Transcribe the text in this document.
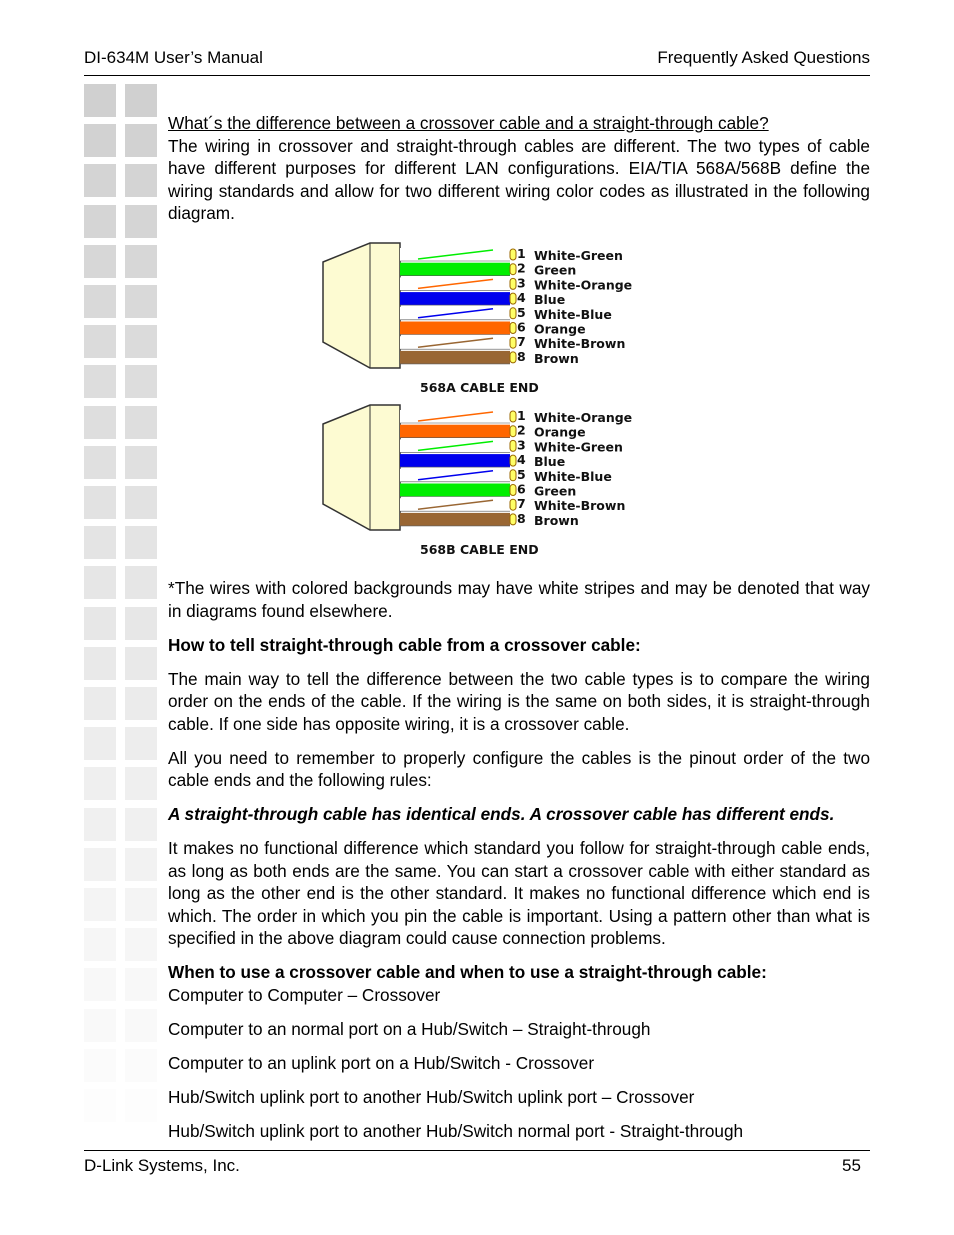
DI-634M User’s Manual	Frequently Asked Questions

What´s the difference between a crossover cable and a straight-through cable?
The wiring in crossover and straight-through cables are different. The two types of cable have different purposes for different LAN configurations. EIA/TIA 568A/568B define the wiring standards and allow for two different wiring color codes as illustrated in the following diagram.

*The wires with colored backgrounds may have white stripes and may be denoted that way in diagrams found elsewhere.

How to tell straight-through cable from a crossover cable:

The main way to tell the difference between the two cable types is to compare the wiring order on the ends of the cable. If the wiring is the same on both sides, it is straight-through cable. If one side has opposite wiring, it is a crossover cable.

All you need to remember to properly configure the cables is the pinout order of the two cable ends and the following rules:

A straight-through cable has identical ends. A crossover cable has different ends.

It makes no functional difference which standard you follow for straight-through cable ends, as long as both ends are the same. You can start a crossover cable with either standard as long as the other end is the other standard. It makes no functional difference which end is which. The order in which you pin the cable is important. Using a pattern other than what is specified in the above diagram could cause connection problems.

When to use a crossover cable and when to use a straight-through cable:
Computer to Computer – Crossover

Computer to an normal port on a Hub/Switch – Straight-through

Computer to an uplink port on a Hub/Switch - Crossover

Hub/Switch uplink port to another Hub/Switch uplink port – Crossover

Hub/Switch uplink port to another Hub/Switch normal port - Straight-through

1 White-Green
2 Green
3 White-Orange
4 Blue
5 White-Blue
6 Orange
7 White-Brown
8 Brown
568A CABLE END
1 White-Orange
2 Orange
3 White-Green
4 Blue
5 White-Blue
6 Green
7 White-Brown
8 Brown
568B CABLE END
D-Link Systems, Inc.	55
